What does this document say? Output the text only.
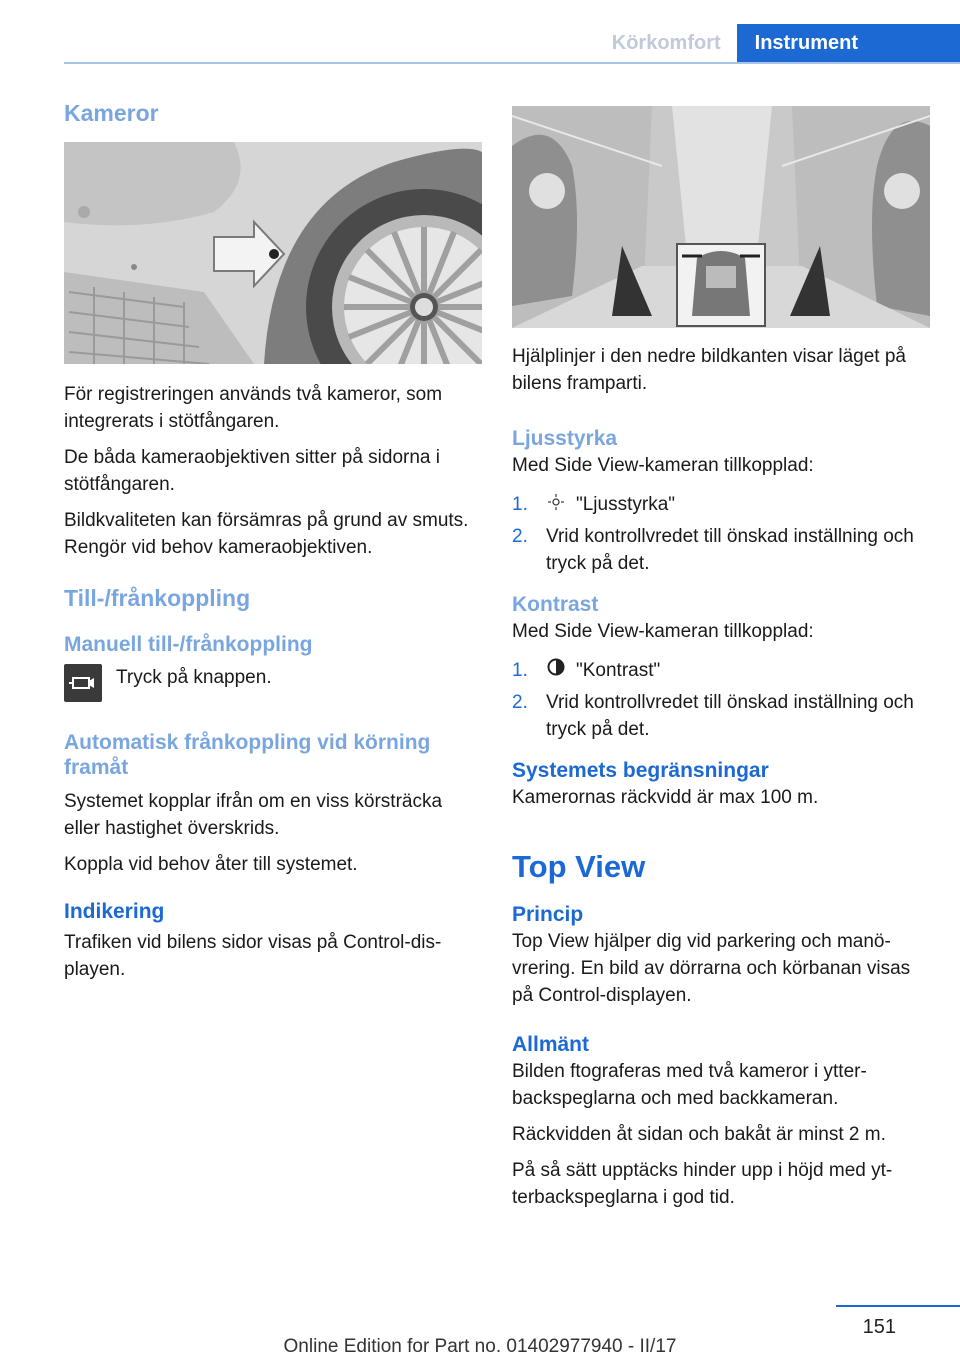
Körkomfort	Instrument
Kameror

För registreringen används två kameror, som integrerats i stötfångaren.

De båda kameraobjektiven sitter på sidorna i stötfångaren.

Bildkvaliteten kan försämras på grund av smuts. Rengör vid behov kameraobjektiven.

Till-/frånkoppling
Manuell till-/frånkoppling

Tryck på knappen.

Automatisk frånkoppling vid körning framåt

Systemet kopplar ifrån om en viss körsträcka eller hastighet överskrids.

Koppla vid behov åter till systemet.

Indikering

Trafiken vid bilens sidor visas på Control-displayen.

Hjälplinjer i den nedre bildkanten visar läget på bilens framparti.

Ljusstyrka

Med Side View-kameran tillkopplad:

1.	"Ljusstyrka"
2. Vrid kontrollvredet till önskad inställning och tryck på det.
Kontrast

Med Side View-kameran tillkopplad:

1.	"Kontrast"
2. Vrid kontrollvredet till önskad inställning och tryck på det.
Systemets begränsningar

Kamerornas räckvidd är max 100 m.

Top View
Princip

Top View hjälper dig vid parkering och manövrering. En bild av dörrarna och körbanan visas på Control-displayen.

Allmänt

Bilden ftograferas med två kameror i ytterbackspeglarna och med backkameran.

Räckvidden åt sidan och bakåt är minst 2 m.

På så sätt upptäcks hinder upp i höjd med ytterbackspeglarna i god tid.

151
Online Edition for Part no. 01402977940 - II/17
